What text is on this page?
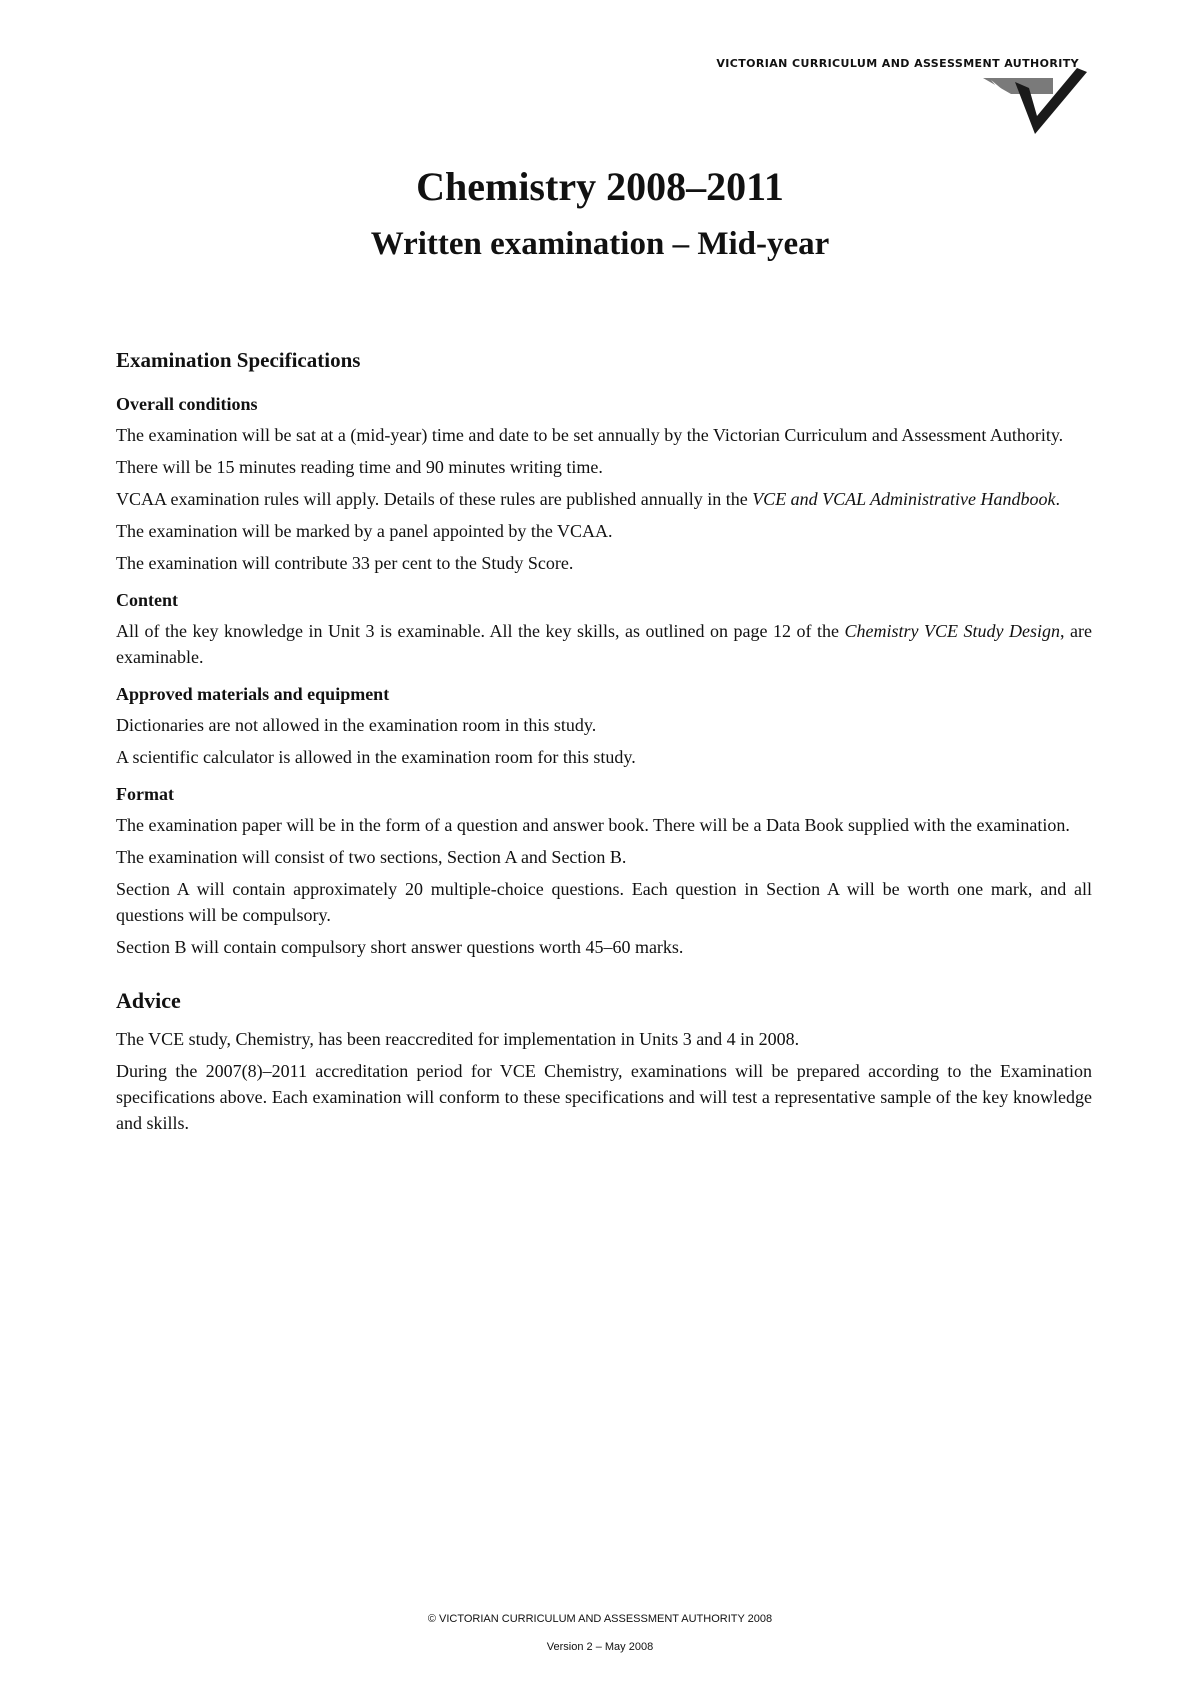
VICTORIAN CURRICULUM AND ASSESSMENT AUTHORITY
Chemistry 2008–2011
Written examination – Mid-year
Examination Specifications
Overall conditions

The examination will be sat at a (mid-year) time and date to be set annually by the Victorian Curriculum and Assessment Authority.

There will be 15 minutes reading time and 90 minutes writing time.

VCAA examination rules will apply. Details of these rules are published annually in the VCE and VCAL Administrative Handbook.

The examination will be marked by a panel appointed by the VCAA.

The examination will contribute 33 per cent to the Study Score.

Content

All of the key knowledge in Unit 3 is examinable. All the key skills, as outlined on page 12 of the Chemistry VCE Study Design, are examinable.

Approved materials and equipment

Dictionaries are not allowed in the examination room in this study.

A scientific calculator is allowed in the examination room for this study.

Format

The examination paper will be in the form of a question and answer book. There will be a Data Book supplied with the examination.

The examination will consist of two sections, Section A and Section B.

Section A will contain approximately 20 multiple-choice questions. Each question in Section A will be worth one mark, and all questions will be compulsory.

Section B will contain compulsory short answer questions worth 45–60 marks.

Advice

The VCE study, Chemistry, has been reaccredited for implementation in Units 3 and 4 in 2008.

During the 2007(8)–2011 accreditation period for VCE Chemistry, examinations will be prepared according to the Examination specifications above. Each examination will conform to these specifications and will test a representative sample of the key knowledge and skills.

© VICTORIAN CURRICULUM AND ASSESSMENT AUTHORITY 2008
Version 2 – May 2008
